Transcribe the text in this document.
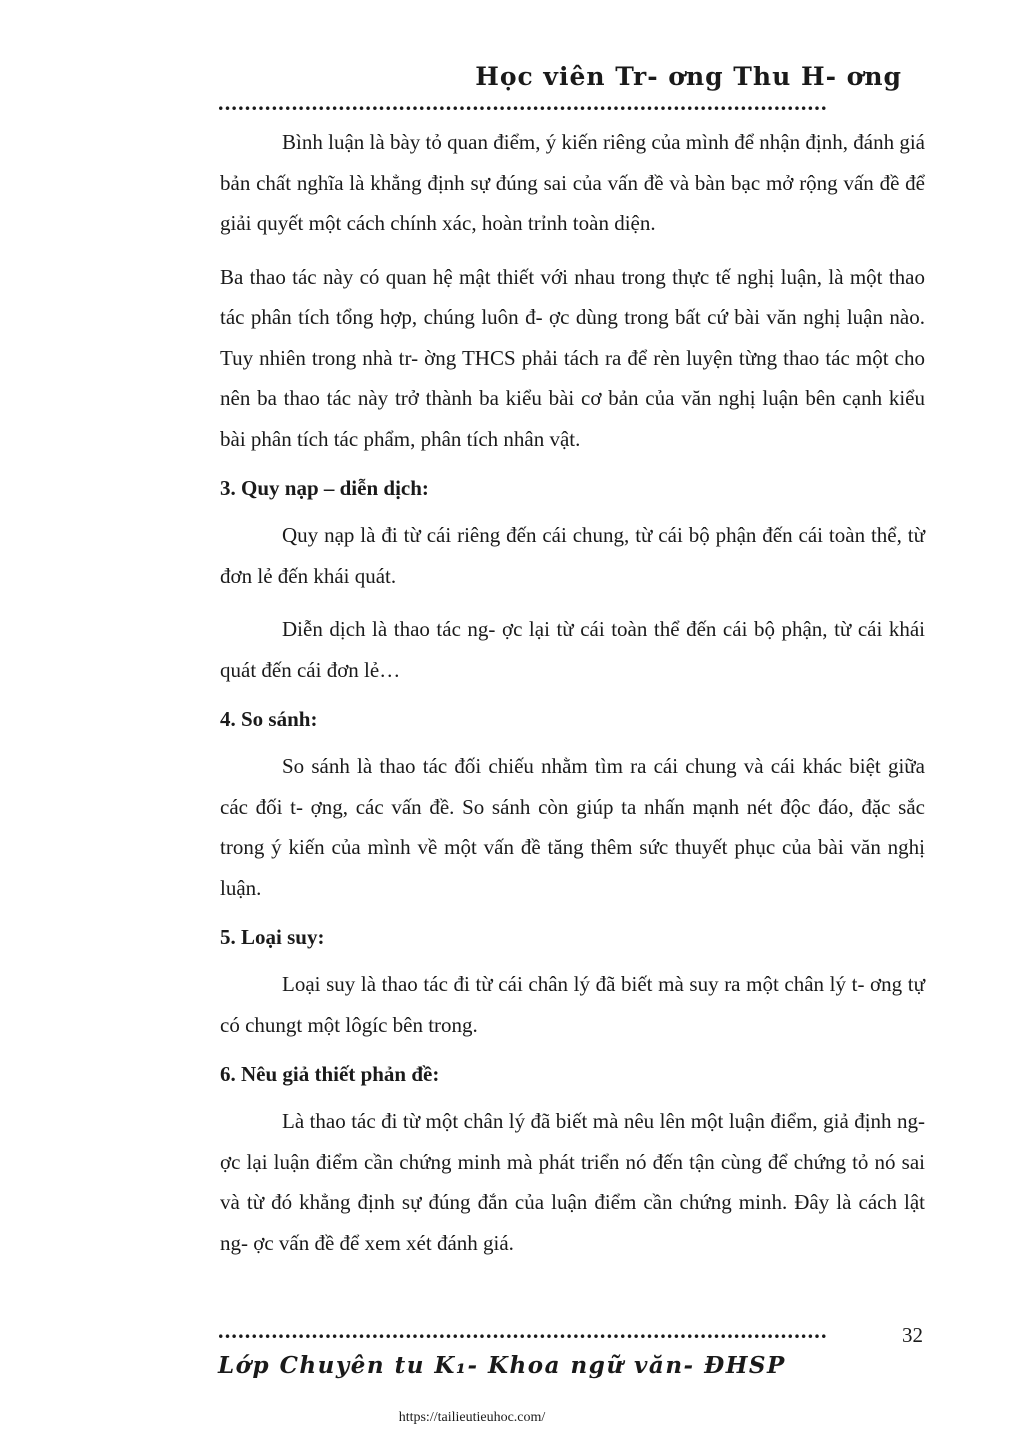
Học viên Tr- ơng Thu H- ơng
...........................................................................................

Bình luận là bày tỏ quan điểm, ý kiến riêng của mình để nhận định, đánh giá bản chất nghĩa là khẳng định sự đúng sai của vấn đề và bàn bạc mở rộng vấn đề để giải quyết một cách chính xác, hoàn trỉnh toàn diện.

Ba thao tác này có quan hệ mật thiết với nhau trong thực tế nghị luận, là một thao tác phân tích tổng hợp, chúng luôn đ- ợc dùng trong bất cứ bài văn nghị luận nào. Tuy nhiên trong nhà tr- ờng THCS phải tách ra để rèn luyện từng thao tác một cho nên ba thao tác này trở thành ba kiểu bài cơ bản của văn nghị luận bên cạnh kiểu bài phân tích tác phẩm, phân tích nhân vật.

3. Quy nạp – diễn dịch:

Quy nạp là đi từ cái riêng đến cái chung, từ cái bộ phận đến cái toàn thể, từ đơn lẻ đến khái quát.

Diễn dịch là thao tác ng- ợc lại từ cái toàn thể đến cái bộ phận, từ cái khái quát đến cái đơn lẻ…

4. So sánh:

So sánh là thao tác đối chiếu nhằm tìm ra cái chung và cái khác biệt giữa các đối t- ợng, các vấn đề. So sánh còn giúp ta nhấn mạnh nét độc đáo, đặc sắc trong ý kiến của mình về một vấn đề tăng thêm sức thuyết phục của bài văn nghị luận.

5. Loại suy:

Loại suy là thao tác đi từ cái chân lý đã biết mà suy ra một chân lý t- ơng tự có chungt một lôgíc bên trong.

6. Nêu giả thiết phản đề:

Là thao tác đi từ một chân lý đã biết mà nêu lên một luận điểm, giả định ng- ợc lại luận điểm cần chứng minh mà phát triển nó đến tận cùng để chứng tỏ nó sai và từ đó khẳng định sự đúng đắn của luận điểm cần chứng minh. Đây là cách lật ng- ợc vấn đề để xem xét đánh giá.

...........................................................................................	32
Lớp Chuyên tu K₁- Khoa ngữ văn- ĐHSP
https://tailieutieuhoc.com/
